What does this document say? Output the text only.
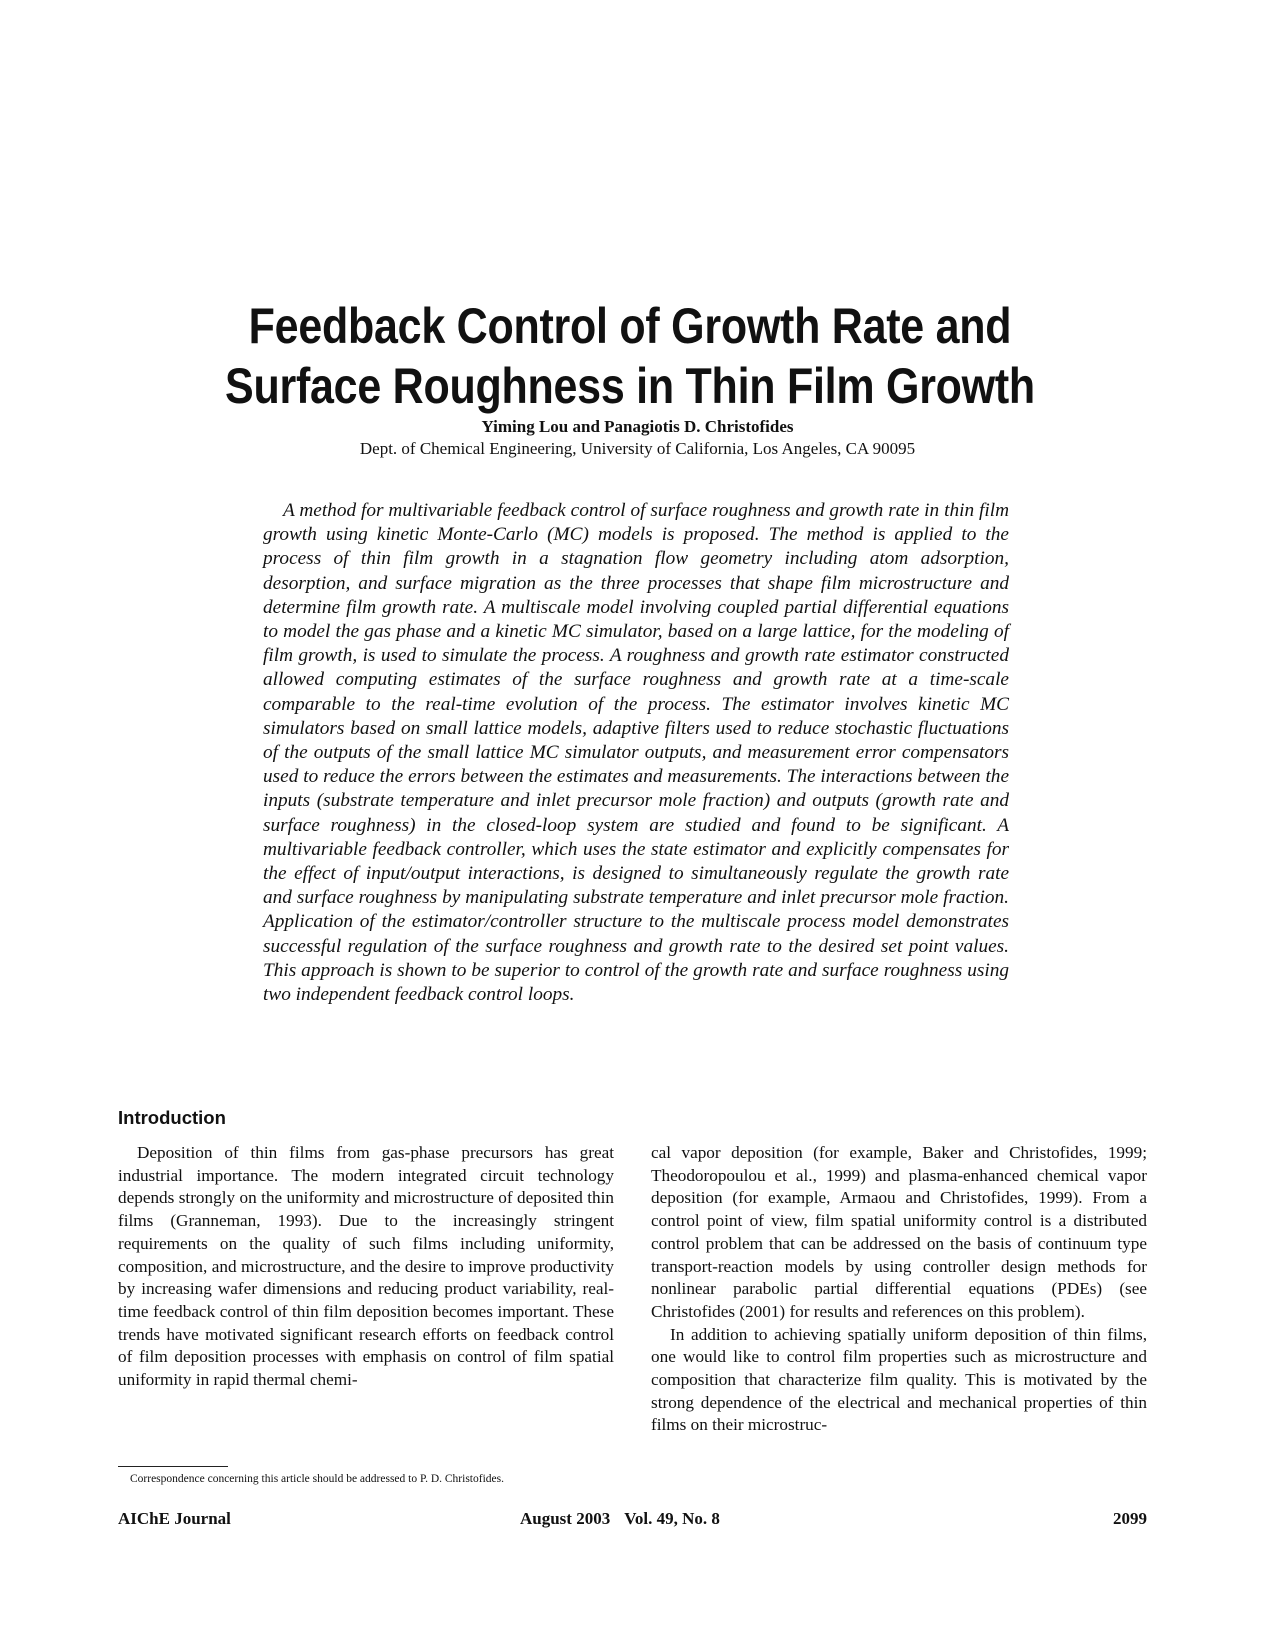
Feedback Control of Growth Rate and
Surface Roughness in Thin Film Growth
Yiming Lou and Panagiotis D. Christofides
Dept. of Chemical Engineering, University of California, Los Angeles, CA 90095

A method for multivariable feedback control of surface roughness and growth rate in thin film growth using kinetic Monte-Carlo (MC) models is proposed. The method is applied to the process of thin film growth in a stagnation flow geometry including atom adsorption, desorption, and surface migration as the three processes that shape film microstructure and determine film growth rate. A multiscale model involving coupled partial differential equations to model the gas phase and a kinetic MC simulator, based on a large lattice, for the modeling of film growth, is used to simulate the process. A roughness and growth rate estimator constructed allowed computing estimates of the surface roughness and growth rate at a time-scale comparable to the real-time evolution of the process. The estimator involves kinetic MC simulators based on small lattice models, adaptive filters used to reduce stochastic fluctuations of the outputs of the small lattice MC simulator outputs, and measurement error compensators used to reduce the errors between the estimates and measurements. The interactions between the inputs (substrate temperature and inlet precursor mole fraction) and outputs (growth rate and surface roughness) in the closed-loop system are studied and found to be significant. A multivariable feedback controller, which uses the state estimator and explicitly compensates for the effect of input/output interactions, is designed to simultaneously regulate the growth rate and surface roughness by manipulating substrate temperature and inlet precursor mole fraction. Application of the estimator/controller structure to the multiscale process model demonstrates successful regulation of the surface roughness and growth rate to the desired set point values. This approach is shown to be superior to control of the growth rate and surface roughness using two independent feedback control loops.

Introduction

Deposition of thin films from gas-phase precursors has great industrial importance. The modern integrated circuit technology depends strongly on the uniformity and microstructure of deposited thin films (Granneman, 1993). Due to the increasingly stringent requirements on the quality of such films including uniformity, composition, and microstructure, and the desire to improve productivity by increasing wafer dimensions and reducing product variability, real-time feedback control of thin film deposition becomes important. These trends have motivated significant research efforts on feedback control of film deposition processes with emphasis on control of film spatial uniformity in rapid thermal chemi-

cal vapor deposition (for example, Baker and Christofides, 1999; Theodoropoulou et al., 1999) and plasma-enhanced chemical vapor deposition (for example, Armaou and Christofides, 1999). From a control point of view, film spatial uniformity control is a distributed control problem that can be addressed on the basis of continuum type transport-reaction models by using controller design methods for nonlinear parabolic partial differential equations (PDEs) (see Christofides (2001) for results and references on this problem).

In addition to achieving spatially uniform deposition of thin films, one would like to control film properties such as microstructure and composition that characterize film quality. This is motivated by the strong dependence of the electrical and mechanical properties of thin films on their microstruc-

Correspondence concerning this article should be addressed to P. D. Christofides.
AIChE Journal	August 2003 Vol. 49, No. 8	2099
